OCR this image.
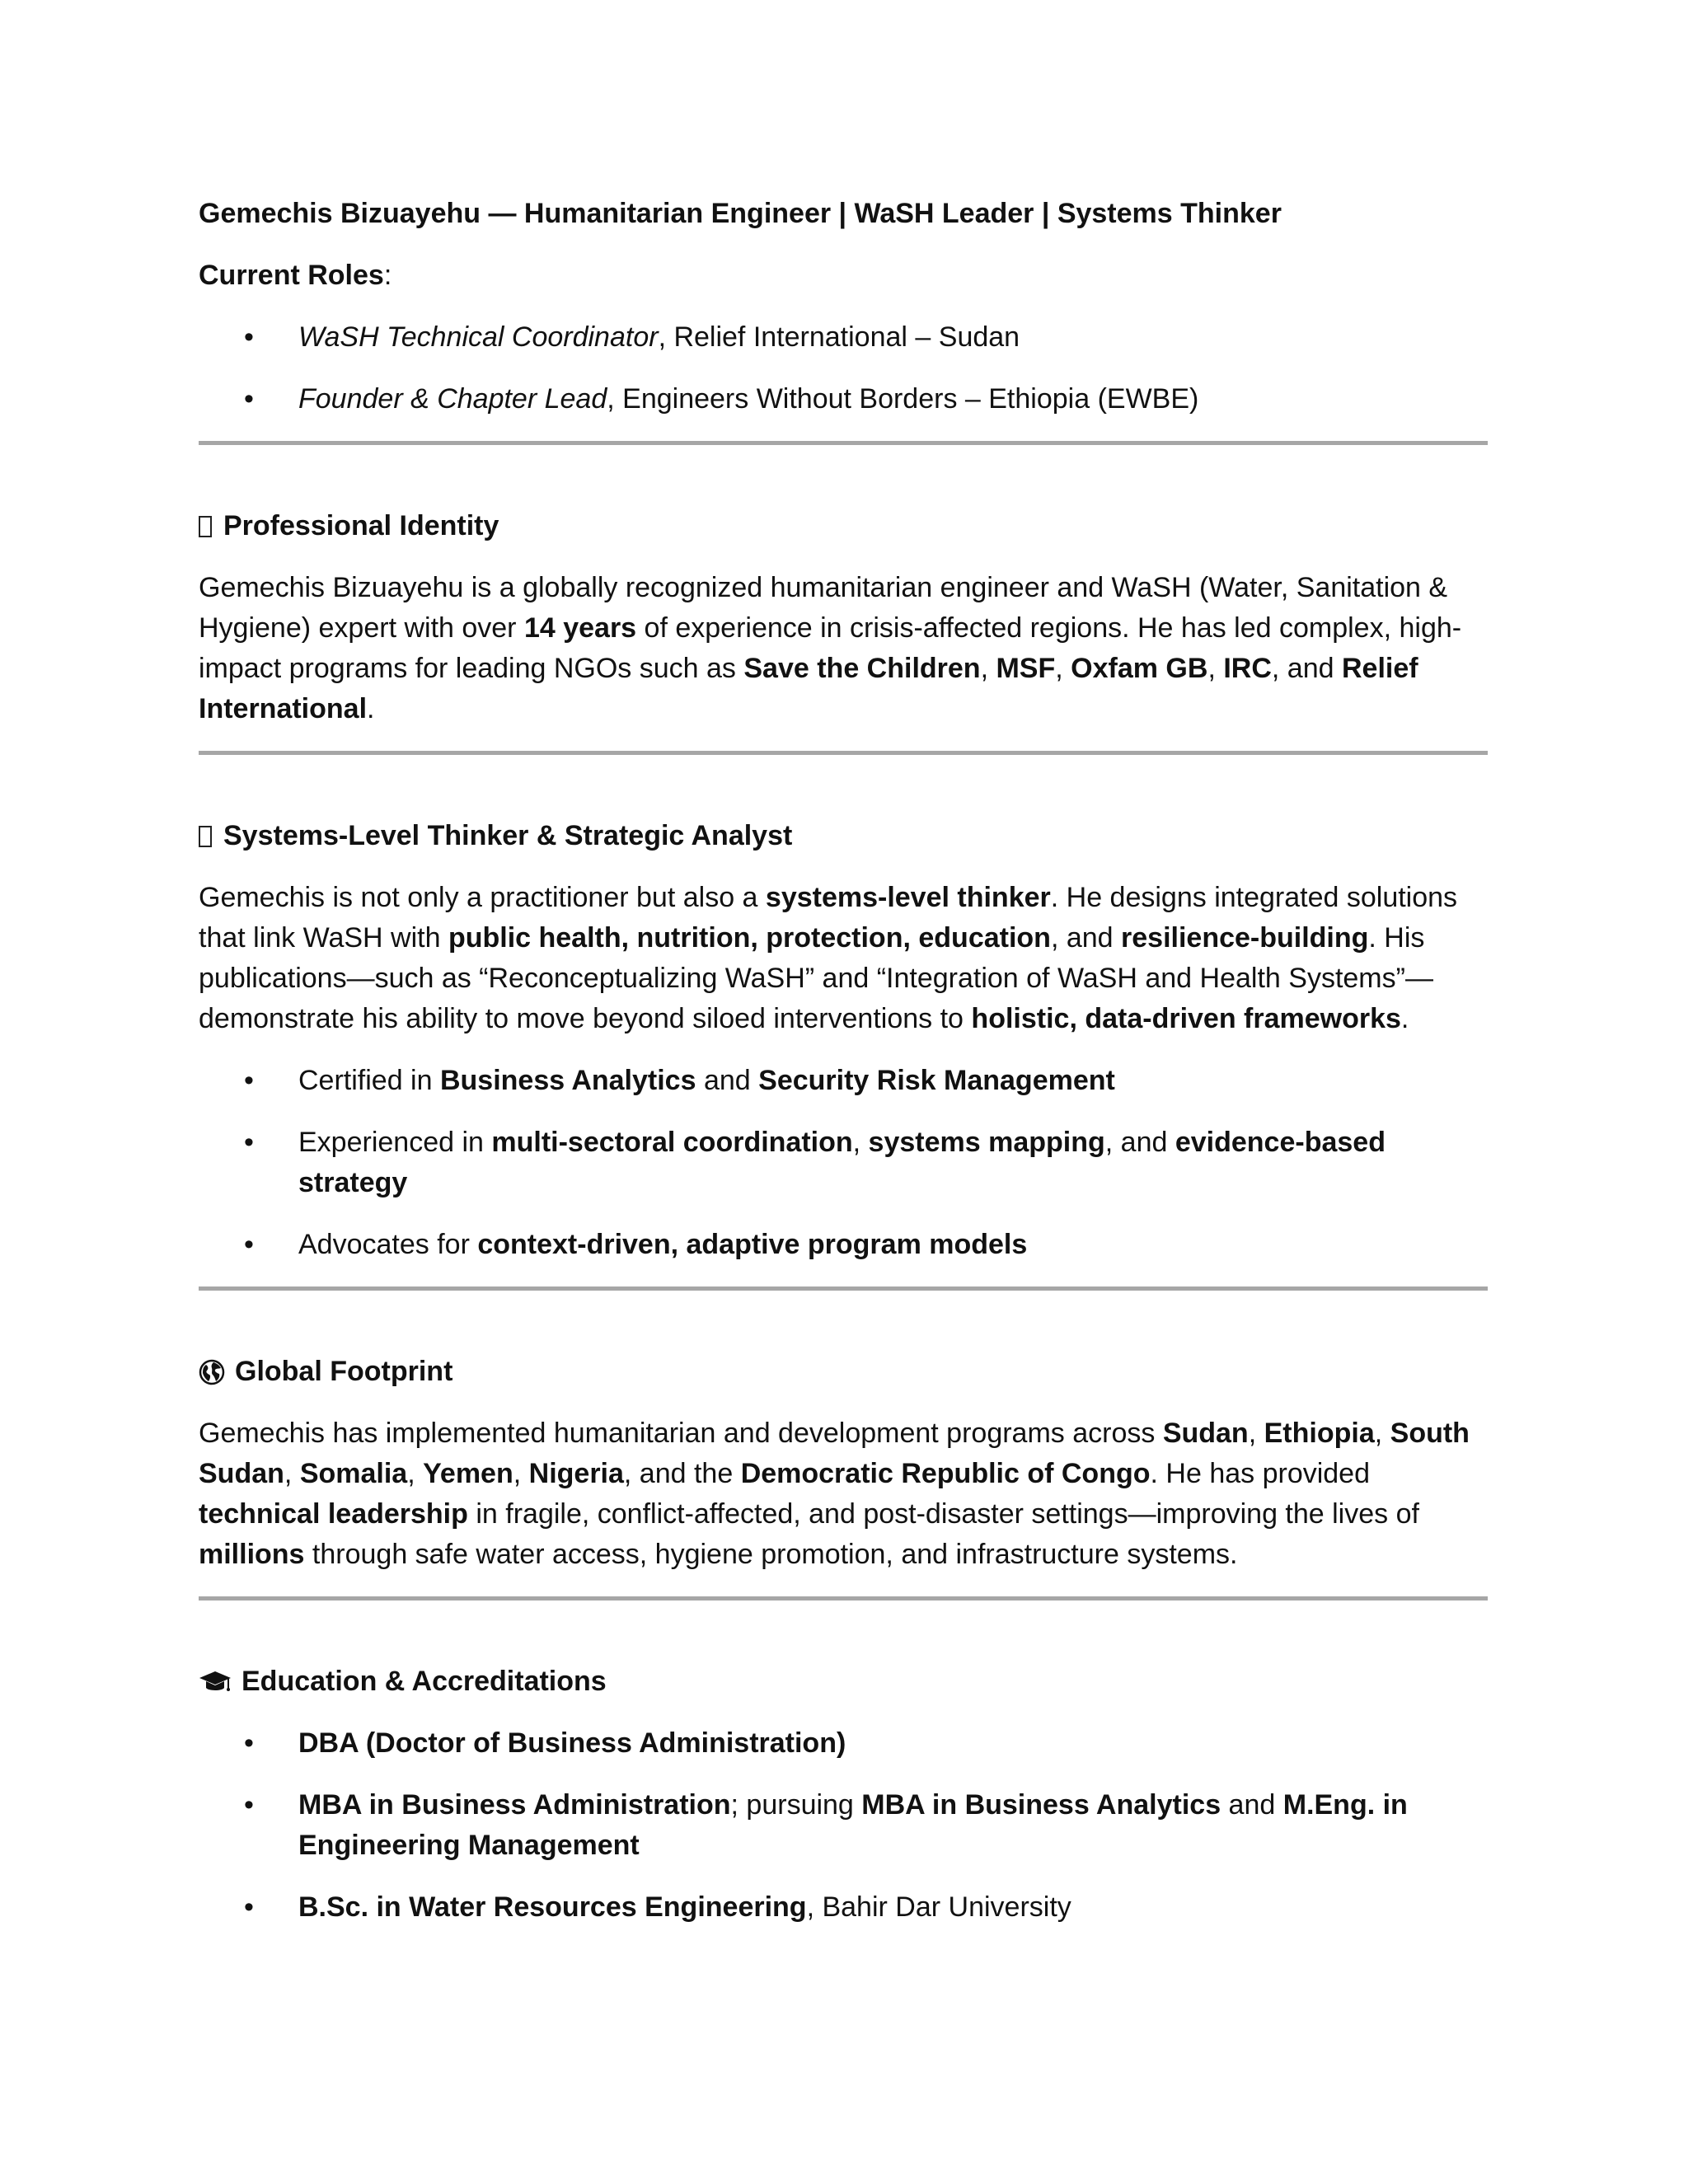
Gemechis Bizuayehu — Humanitarian Engineer | WaSH Leader | Systems Thinker

Current Roles:

• WaSH Technical Coordinator, Relief International – Sudan
• Founder & Chapter Lead, Engineers Without Borders – Ethiopia (EWBE)
Professional Identity

Gemechis Bizuayehu is a globally recognized humanitarian engineer and WaSH (Water, Sanitation & Hygiene) expert with over 14 years of experience in crisis-affected regions. He has led complex, high-impact programs for leading NGOs such as Save the Children, MSF, Oxfam GB, IRC, and Relief International.

Systems-Level Thinker & Strategic Analyst

Gemechis is not only a practitioner but also a systems-level thinker. He designs integrated solutions that link WaSH with public health, nutrition, protection, education, and resilience-building. His publications—such as “Reconceptualizing WaSH” and “Integration of WaSH and Health Systems”—demonstrate his ability to move beyond siloed interventions to holistic, data-driven frameworks.

• Certified in Business Analytics and Security Risk Management
• Experienced in multi-sectoral coordination, systems mapping, and evidence-based strategy
• Advocates for context-driven, adaptive program models
Global Footprint

Gemechis has implemented humanitarian and development programs across Sudan, Ethiopia, South Sudan, Somalia, Yemen, Nigeria, and the Democratic Republic of Congo. He has provided technical leadership in fragile, conflict-affected, and post-disaster settings—improving the lives of millions through safe water access, hygiene promotion, and infrastructure systems.

Education & Accreditations
• DBA (Doctor of Business Administration)
• MBA in Business Administration; pursuing MBA in Business Analytics and M.Eng. in Engineering Management
• B.Sc. in Water Resources Engineering, Bahir Dar University
